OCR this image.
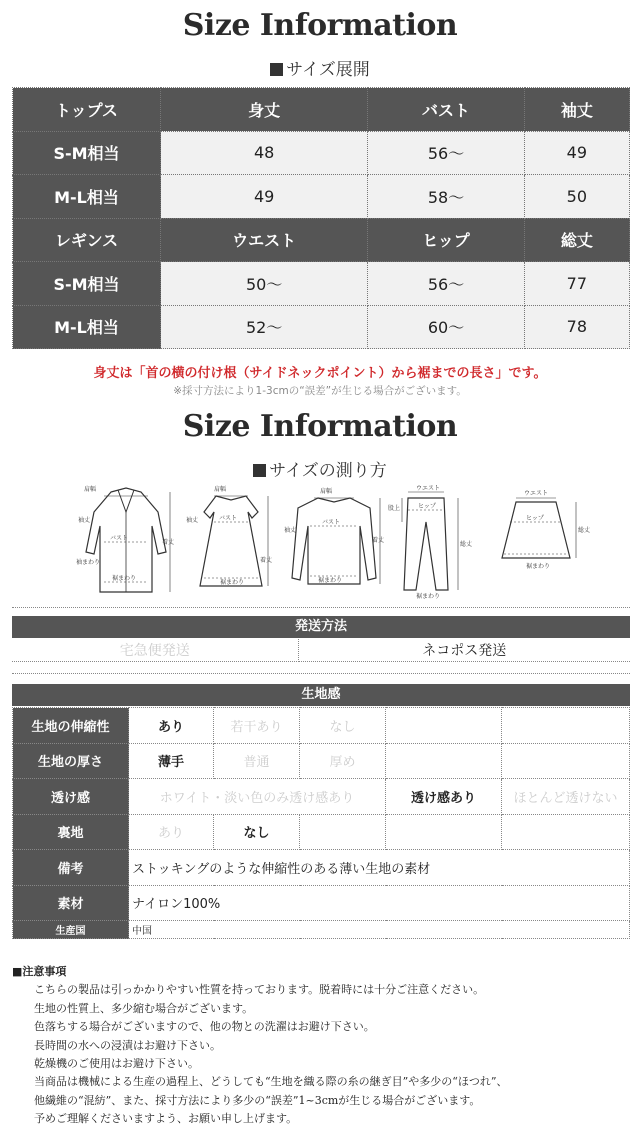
Size Information
サイズ展開
トップス	身丈	バスト	袖丈
S-M相当	48	56〜	49
M-L相当	49	58〜	50
レギンス	ウエスト	ヒップ	総丈
S-M相当	50〜	56〜	77
M-L相当	52〜	60〜	78
身丈は「首の横の付け根（サイドネックポイント）から裾までの長さ」です。
※採寸方法により1-3cmの“誤差”が生じる場合がございます。
Size Information
サイズの測り方
肩幅
袖丈
バスト
袖まわり
裾まわり
着丈
肩幅
バスト
袖丈
裾まわり
着丈
肩幅
袖丈
バスト
裾まわり
着丈
ウエスト
ヒップ
股上
総丈
裾まわり
ウエスト
ヒップ
裾まわり
総丈
発送方法
宅急便発送	ネコポス発送
生地感
生地の伸縮性	あり	若干あり	なし		
生地の厚さ	薄手	普通	厚め		
透け感	ホワイト・淡い色のみ透け感あり			透け感あり	ほとんど透けない
裏地	あり	なし			
備考	ストッキングのような伸縮性のある薄い生地の素材				
素材	ナイロン100%				
生産国	中国				
■注意事項
こちらの製品は引っかかりやすい性質を持っております。脱着時には十分ご注意ください。
生地の性質上、多少縮む場合がございます。
色落ちする場合がございますので、他の物との洗濯はお避け下さい。
長時間の水への浸漬はお避け下さい。
乾燥機のご使用はお避け下さい。
当商品は機械による生産の過程上、どうしても“生地を織る際の糸の継ぎ目”や多少の“ほつれ”、
他繊維の“混紡”、また、採寸方法により多少の“誤差”1~3cmが生じる場合がございます。
予めご理解くださいますよう、お願い申し上げます。
